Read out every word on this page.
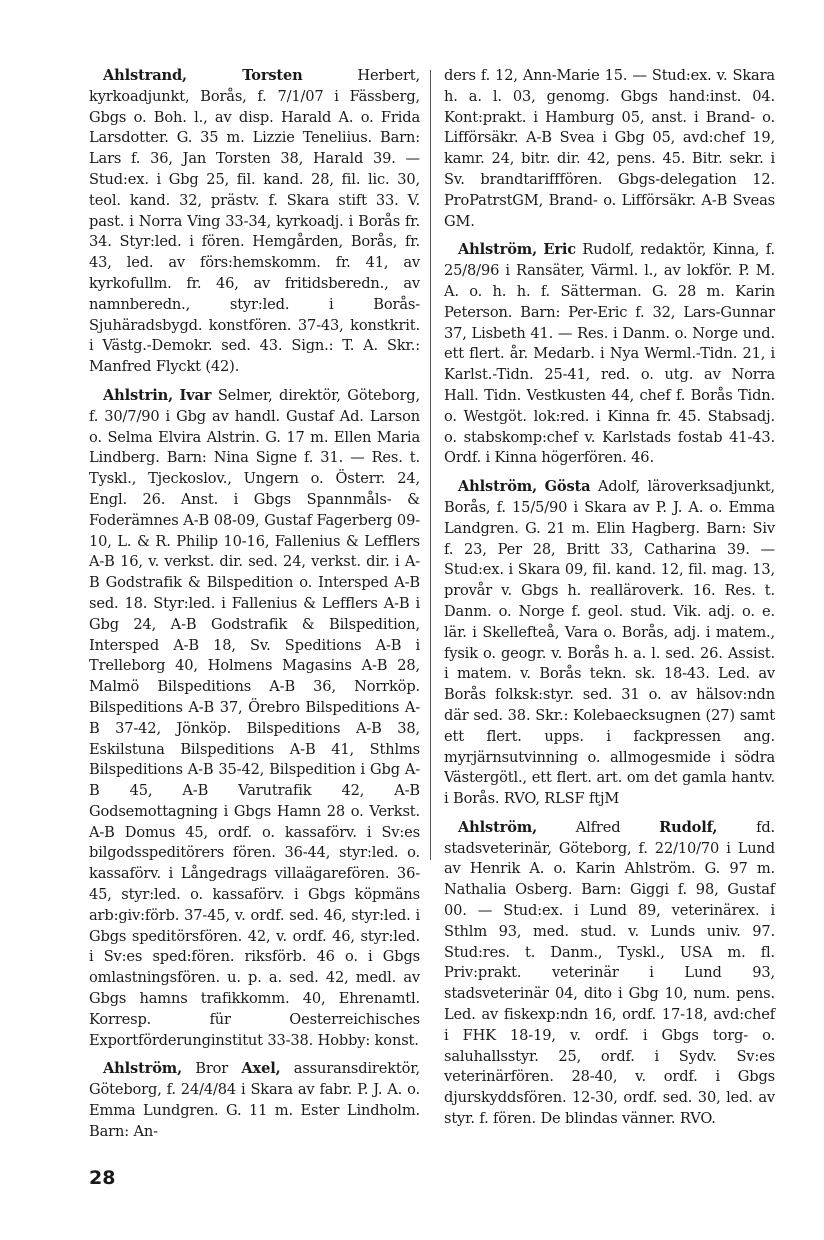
Ahlstrand, Torsten Herbert, kyrkoadjunkt, Borås, f. 7/1/07 i Fässberg, Gbgs o. Boh. l., av disp. Harald A. o. Frida Larsdotter. G. 35 m. Lizzie Teneliius. Barn: Lars f. 36, Jan Torsten 38, Harald 39. — Stud:ex. i Gbg 25, fil. kand. 28, fil. lic. 30, teol. kand. 32, prästv. f. Skara stift 33. V. past. i Norra Ving 33-34, kyrkoadj. i Borås fr. 34. Styr:led. i fören. Hemgården, Borås, fr. 43, led. av förs:hemskomm. fr. 41, av kyrkofullm. fr. 46, av fritidsberedn., av namnberedn., styr:led. i Borås-Sjuhäradsbygd. konstfören. 37-43, konstkrit. i Västg.-Demokr. sed. 43. Sign.: T. A. Skr.: Manfred Flyckt (42).

Ahlstrin, Ivar Selmer, direktör, Göteborg, f. 30/7/90 i Gbg av handl. Gustaf Ad. Larson o. Selma Elvira Alstrin. G. 17 m. Ellen Maria Lindberg. Barn: Nina Signe f. 31. — Res. t. Tyskl., Tjeckoslov., Ungern o. Österr. 24, Engl. 26. Anst. i Gbgs Spannmåls- & Foderämnes A-B 08-09, Gustaf Fagerberg 09-10, L. & R. Philip 10-16, Fallenius & Lefflers A-B 16, v. verkst. dir. sed. 24, verkst. dir. i A-B Godstrafik & Bilspedition o. Intersped A-B sed. 18. Styr:led. i Fallenius & Lefflers A-B i Gbg 24, A-B Godstrafik & Bilspedition, Intersped A-B 18, Sv. Speditions A-B i Trelleborg 40, Holmens Magasins A-B 28, Malmö Bilspeditions A-B 36, Norrköp. Bilspeditions A-B 37, Örebro Bilspeditions A-B 37-42, Jönköp. Bilspeditions A-B 38, Eskilstuna Bilspeditions A-B 41, Sthlms Bilspeditions A-B 35-42, Bilspedition i Gbg A-B 45, A-B Varutrafik 42, A-B Godsemottagning i Gbgs Hamn 28 o. Verkst. A-B Domus 45, ordf. o. kassaförv. i Sv:es bilgodsspeditörers fören. 36-44, styr:led. o. kassaförv. i Långedrags villaägarefören. 36-45, styr:led. o. kassaförv. i Gbgs köpmäns arb:giv:förb. 37-45, v. ordf. sed. 46, styr:led. i Gbgs speditörsfören. 42, v. ordf. 46, styr:led. i Sv:es sped:fören. riksförb. 46 o. i Gbgs omlastningsfören. u. p. a. sed. 42, medl. av Gbgs hamns trafikkomm. 40, Ehrenamtl. Korresp. für Oesterreichisches Exportförderunginstitut 33-38. Hobby: konst.

Ahlström, Bror Axel, assuransdirektör, Göteborg, f. 24/4/84 i Skara av fabr. P. J. A. o. Emma Lundgren. G. 11 m. Ester Lindholm. Barn: An-

ders f. 12, Ann-Marie 15. — Stud:ex. v. Skara h. a. l. 03, genomg. Gbgs hand:inst. 04. Kont:prakt. i Hamburg 05, anst. i Brand- o. Lifförsäkr. A-B Svea i Gbg 05, avd:chef 19, kamr. 24, bitr. dir. 42, pens. 45. Bitr. sekr. i Sv. brandtarifffören. Gbgs-delegation 12. ProPatrstGM, Brand- o. Lifförsäkr. A-B Sveas GM.

Ahlström, Eric Rudolf, redaktör, Kinna, f. 25/8/96 i Ransäter, Värml. l., av lokför. P. M. A. o. h. h. f. Sätterman. G. 28 m. Karin Peterson. Barn: Per-Eric f. 32, Lars-Gunnar 37, Lisbeth 41. — Res. i Danm. o. Norge und. ett flert. år. Medarb. i Nya Werml.-Tidn. 21, i Karlst.-Tidn. 25-41, red. o. utg. av Norra Hall. Tidn. Vestkusten 44, chef f. Borås Tidn. o. Westgöt. lok:red. i Kinna fr. 45. Stabsadj. o. stabskomp:chef v. Karlstads fostab 41-43. Ordf. i Kinna högerfören. 46.

Ahlström, Gösta Adolf, läroverksadjunkt, Borås, f. 15/5/90 i Skara av P. J. A. o. Emma Landgren. G. 21 m. Elin Hagberg. Barn: Siv f. 23, Per 28, Britt 33, Catharina 39. — Stud:ex. i Skara 09, fil. kand. 12, fil. mag. 13, provår v. Gbgs h. realläroverk. 16. Res. t. Danm. o. Norge f. geol. stud. Vik. adj. o. e. lär. i Skellefteå, Vara o. Borås, adj. i matem., fysik o. geogr. v. Borås h. a. l. sed. 26. Assist. i matem. v. Borås tekn. sk. 18-43. Led. av Borås folksk:styr. sed. 31 o. av hälsov:ndn där sed. 38. Skr.: Kolebaecksugnen (27) samt ett flert. upps. i fackpressen ang. myrjärnsutvinning o. allmogesmide i södra Västergötl., ett flert. art. om det gamla hantv. i Borås. RVO, RLSF ftjM

Ahlström, Alfred Rudolf, fd. stadsveterinär, Göteborg, f. 22/10/70 i Lund av Henrik A. o. Karin Ahlström. G. 97 m. Nathalia Osberg. Barn: Giggi f. 98, Gustaf 00. — Stud:ex. i Lund 89, veterinärex. i Sthlm 93, med. stud. v. Lunds univ. 97. Stud:res. t. Danm., Tyskl., USA m. fl. Priv:prakt. veterinär i Lund 93, stadsveterinär 04, dito i Gbg 10, num. pens. Led. av fiskexp:ndn 16, ordf. 17-18, avd:chef i FHK 18-19, v. ordf. i Gbgs torg- o. saluhallsstyr. 25, ordf. i Sydv. Sv:es veterinärfören. 28-40, v. ordf. i Gbgs djurskyddsfören. 12-30, ordf. sed. 30, led. av styr. f. fören. De blindas vänner. RVO.

28
